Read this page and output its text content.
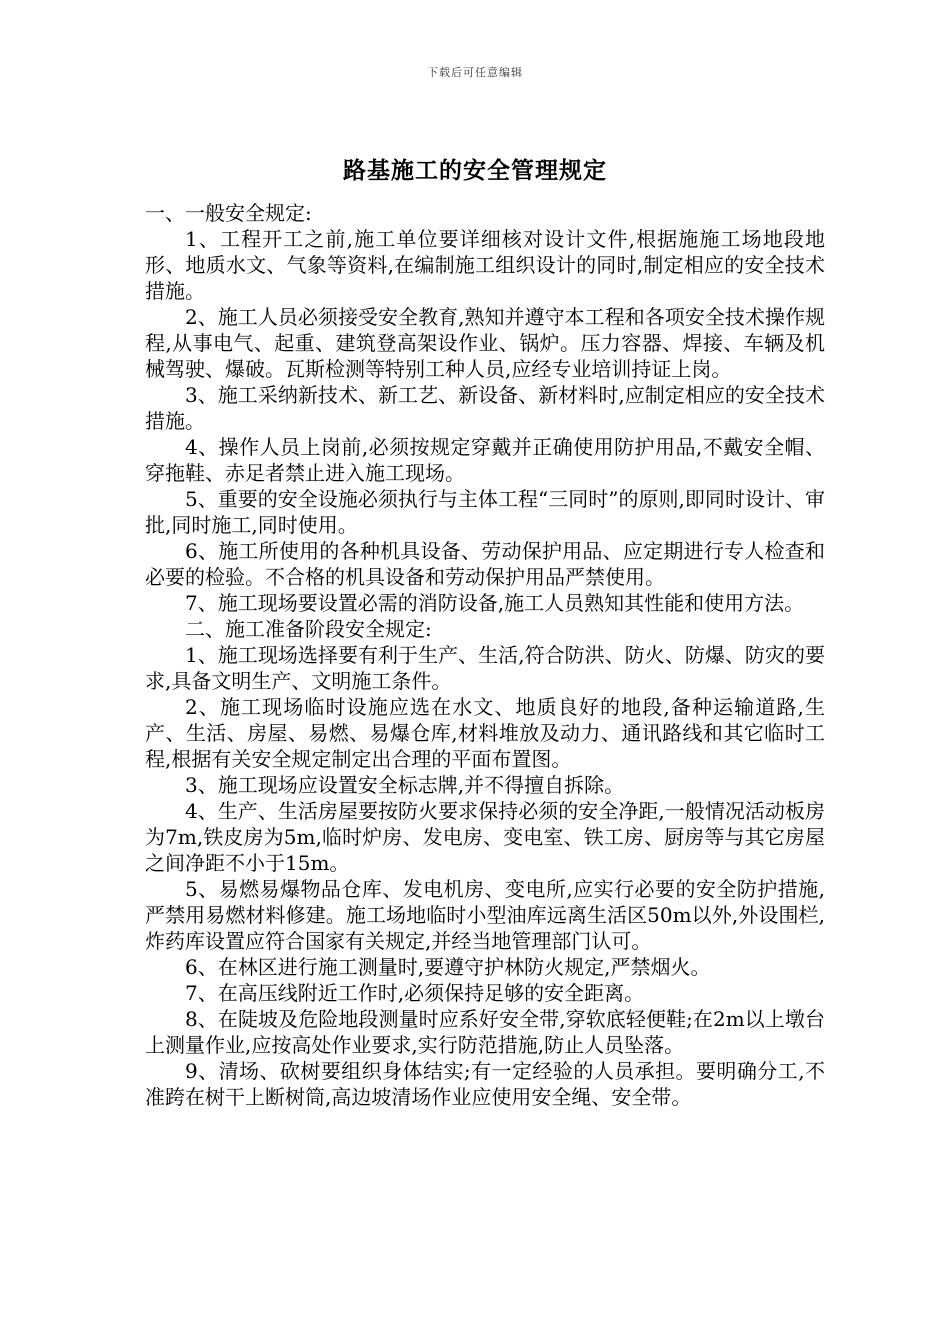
下载后可任意编辑
路基施工的安全管理规定

一、一般安全规定:

1、工程开工之前,施工单位要详细核对设计文件,根据施施工场地段地形、地质水文、气象等资料,在编制施工组织设计的同时,制定相应的安全技术措施。

2、施工人员必须接受安全教育,熟知并遵守本工程和各项安全技术操作规程,从事电气、起重、建筑登高架设作业、锅炉。压力容器、焊接、车辆及机械驾驶、爆破。瓦斯检测等特别工种人员,应经专业培训持证上岗。

3、施工采纳新技术、新工艺、新设备、新材料时,应制定相应的安全技术措施。

4、操作人员上岗前,必须按规定穿戴并正确使用防护用品,不戴安全帽、穿拖鞋、赤足者禁止进入施工现场。

5、重要的安全设施必须执行与主体工程“三同时”的原则,即同时设计、审批,同时施工,同时使用。

6、施工所使用的各种机具设备、劳动保护用品、应定期进行专人检查和必要的检验。不合格的机具设备和劳动保护用品严禁使用。

7、施工现场要设置必需的消防设备,施工人员熟知其性能和使用方法。

二、施工准备阶段安全规定:

1、施工现场选择要有利于生产、生活,符合防洪、防火、防爆、防灾的要求,具备文明生产、文明施工条件。

2、施工现场临时设施应选在水文、地质良好的地段,备种运输道路,生产、生活、房屋、易燃、易爆仓库,材料堆放及动力、通讯路线和其它临时工程,根据有关安全规定制定出合理的平面布置图。

3、施工现场应设置安全标志牌,并不得擅自拆除。

4、生产、生活房屋要按防火要求保持必须的安全净距,一般情况活动板房为7m,铁皮房为5m,临时炉房、发电房、变电室、铁工房、厨房等与其它房屋之间净距不小于15m。

5、易燃易爆物品仓库、发电机房、变电所,应实行必要的安全防护措施,严禁用易燃材料修建。施工场地临时小型油库远离生活区50m以外,外设围栏,炸药库设置应符合国家有关规定,并经当地管理部门认可。

6、在林区进行施工测量时,要遵守护林防火规定,严禁烟火。

7、在高压线附近工作时,必须保持足够的安全距离。

8、在陡坡及危险地段测量时应系好安全带,穿软底轻便鞋;在2m以上墩台上测量作业,应按高处作业要求,实行防范措施,防止人员坠落。

9、清场、砍树要组织身体结实;有一定经验的人员承担。要明确分工,不准跨在树干上断树筒,高边坡清场作业应使用安全绳、安全带。
